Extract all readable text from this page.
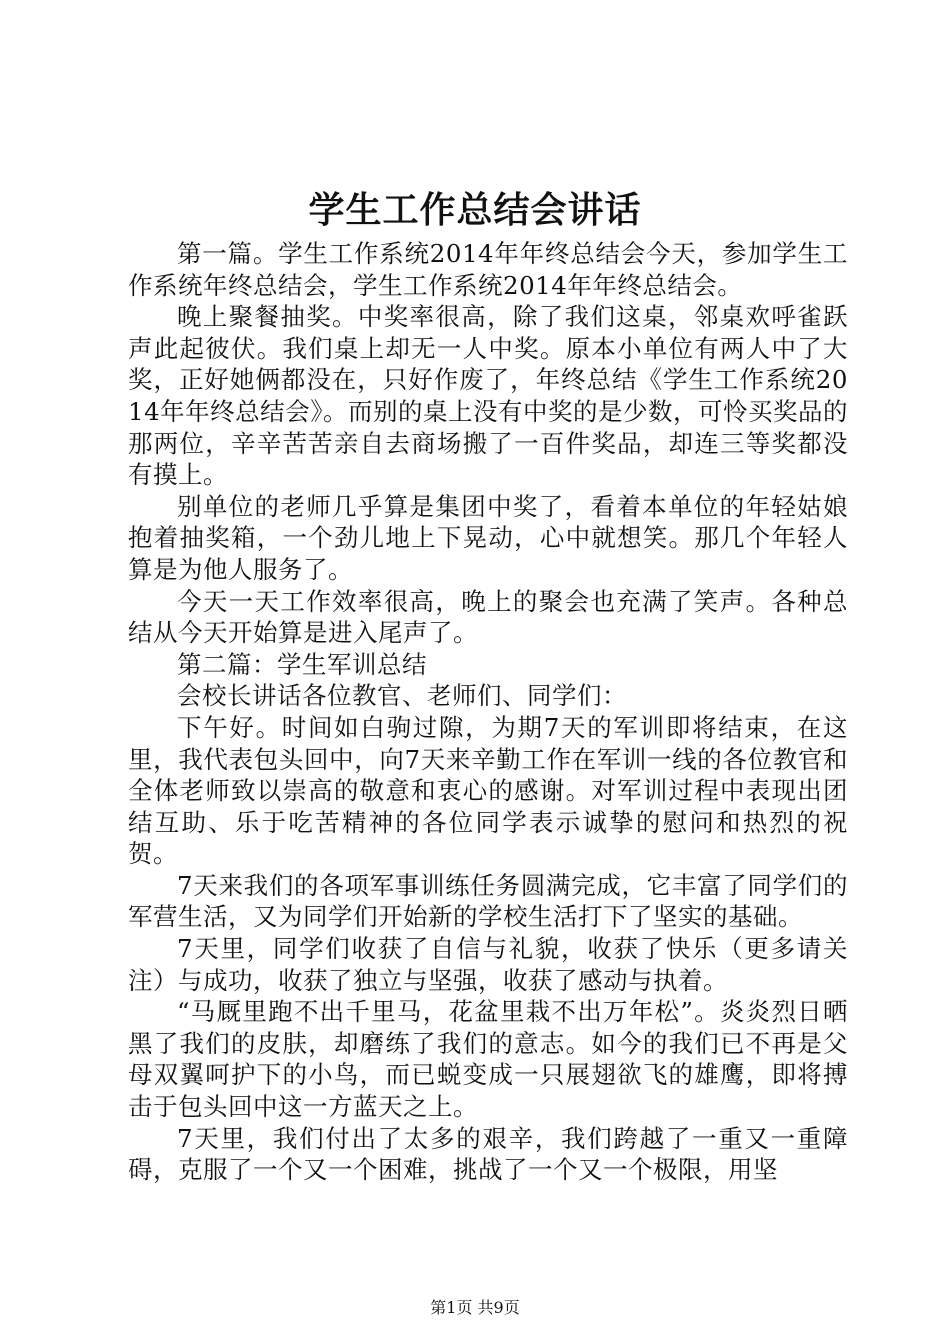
学生工作总结会讲话

第一篇。学生工作系统2014年年终总结会今天，参加学生工作系统年终总结会，学生工作系统2014年年终总结会。

晚上聚餐抽奖。中奖率很高，除了我们这桌，邻桌欢呼雀跃声此起彼伏。我们桌上却无一人中奖。原本小单位有两人中了大奖，正好她俩都没在，只好作废了，年终总结《学生工作系统2014年年终总结会》。而别的桌上没有中奖的是少数，可怜买奖品的那两位，辛辛苦苦亲自去商场搬了一百件奖品，却连三等奖都没有摸上。

别单位的老师几乎算是集团中奖了，看着本单位的年轻姑娘抱着抽奖箱，一个劲儿地上下晃动，心中就想笑。那几个年轻人算是为他人服务了。

今天一天工作效率很高，晚上的聚会也充满了笑声。各种总结从今天开始算是进入尾声了。

第二篇：学生军训总结

会校长讲话各位教官、老师们、同学们：

下午好。时间如白驹过隙，为期7天的军训即将结束，在这里，我代表包头回中，向7天来辛勤工作在军训一线的各位教官和全体老师致以崇高的敬意和衷心的感谢。对军训过程中表现出团结互助、乐于吃苦精神的各位同学表示诚挚的慰问和热烈的祝贺。

7天来我们的各项军事训练任务圆满完成，它丰富了同学们的军营生活，又为同学们开始新的学校生活打下了坚实的基础。

7天里，同学们收获了自信与礼貌，收获了快乐（更多请关注）与成功，收获了独立与坚强，收获了感动与执着。

“马厩里跑不出千里马，花盆里栽不出万年松”。炎炎烈日晒黑了我们的皮肤，却磨练了我们的意志。如今的我们已不再是父母双翼呵护下的小鸟，而已蜕变成一只展翅欲飞的雄鹰，即将搏击于包头回中这一方蓝天之上。

7天里，我们付出了太多的艰辛，我们跨越了一重又一重障碍，克服了一个又一个困难，挑战了一个又一个极限，用坚

第1页 共9页
